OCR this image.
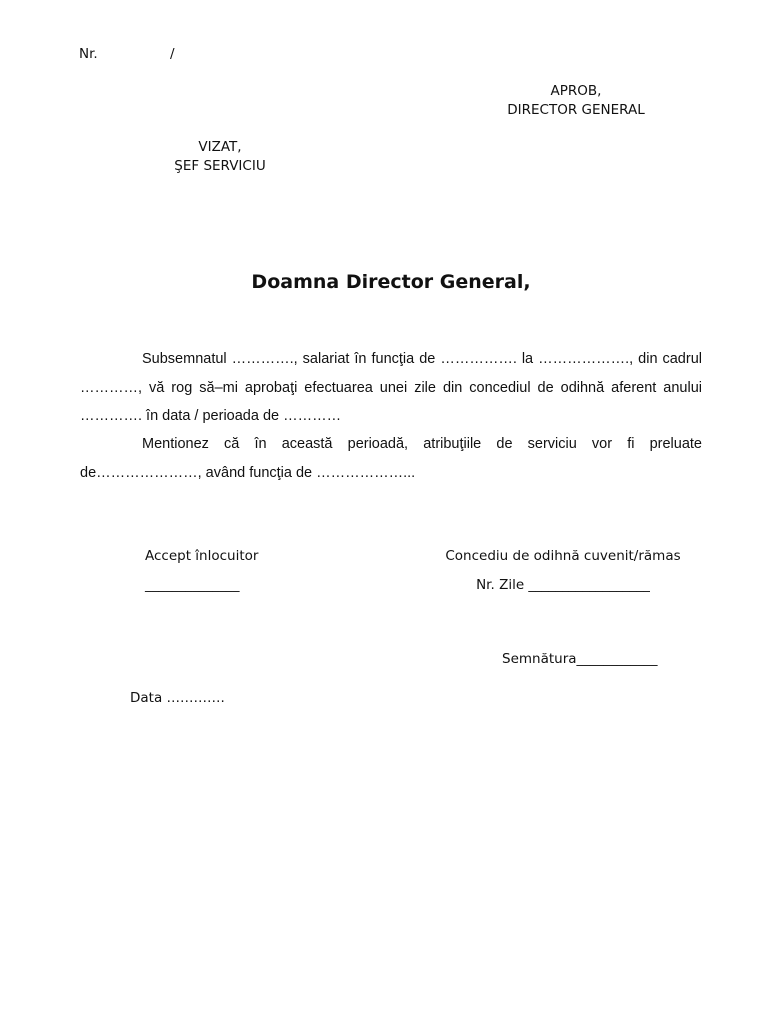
Nr.	/
APROB,
DIRECTOR GENERAL
VIZAT,
ŞEF SERVICIU
Doamna Director General,

Subsemnatul …………., salariat în funcţia de ……………. la ………………., din cadrul …………, vă rog să–mi aprobaţi efectuarea unei zile din concediul de odihnă aferent anului …………. în data / perioada de …………

Mentionez că în această perioadă, atribuţiile de serviciu vor fi preluate de…………………, având funcţia de ………………...

Accept înlocuitor
______________
Concediu de odihnă cuvenit/rămas
Nr. Zile __________________
Semnătura____________
Data ………….
